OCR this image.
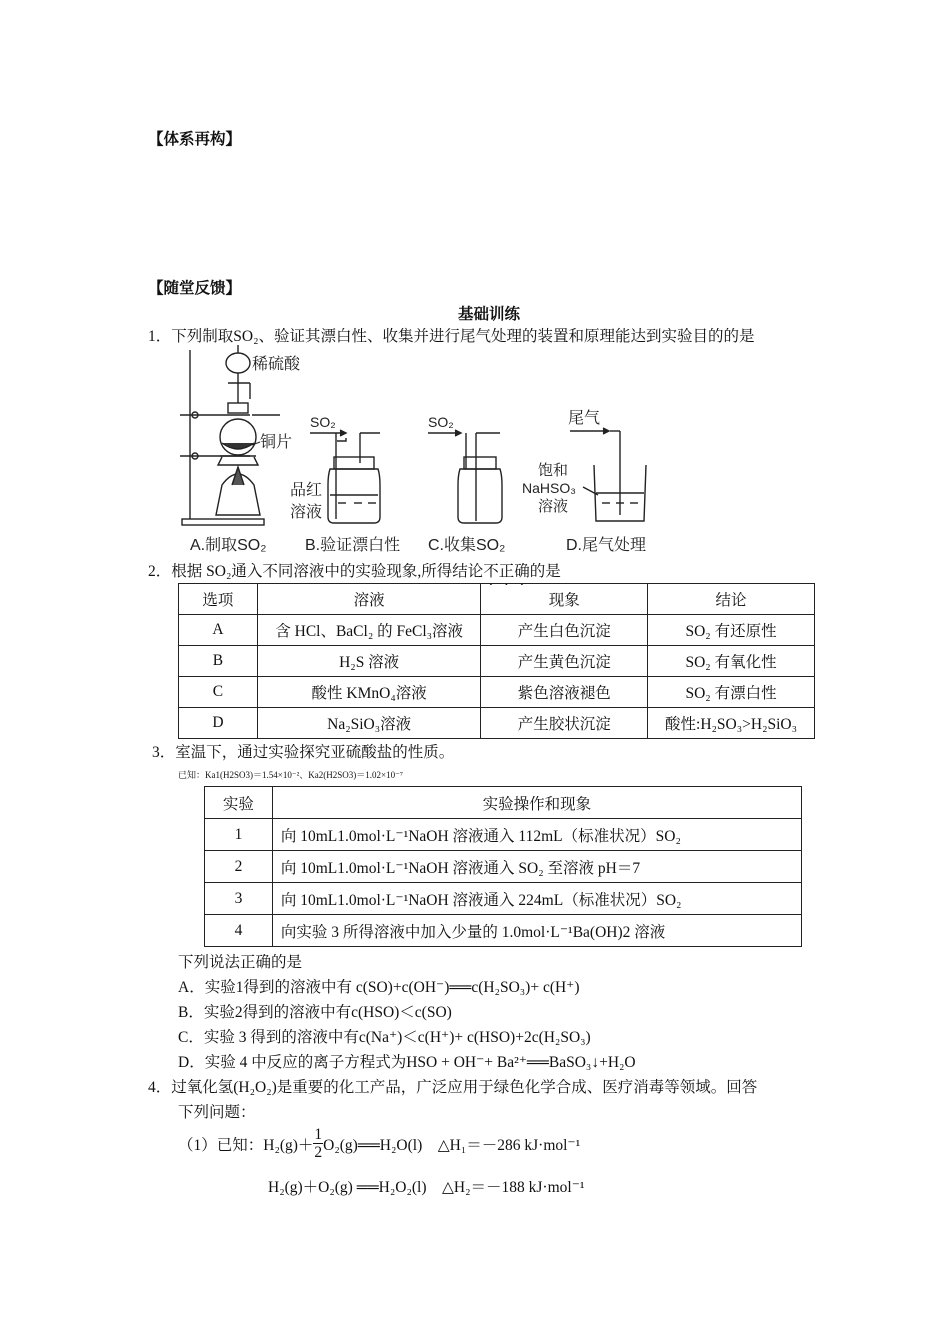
【体系再构】
【随堂反馈】
基础训练
1．下列制取SO₂、验证其漂白性、收集并进行尾气处理的装置和原理能达到实验目的的是
稀硫酸
铜片
SO₂
品红
溶液
SO₂	尾气
饱和
NaHSO₃
溶液
A.制取SO₂ B.验证漂白性 C.收集SO₂	D.尾气处理
2．根据 SO₂通入不同溶液中的实验现象,所得结论不正确的是
选项	溶液	现象	结论
A	含 HCl、BaCl₂ 的 FeCl₃溶液	产生白色沉淀	SO₂ 有还原性
B	H₂S 溶液	产生黄色沉淀	SO₂ 有氧化性
C	酸性 KMnO₄溶液	紫色溶液褪色	SO₂ 有漂白性
D	Na₂SiO₃溶液	产生胶状沉淀	酸性:H₂SO₃>H₂SiO₃
3．室温下，通过实验探究亚硫酸盐的性质。
已知：Ka1(H2SO3)＝1.54×10⁻²、Ka2(H2SO3)＝1.02×10⁻⁷
实验	实验操作和现象
1	向 10mL1.0mol·L⁻¹NaOH 溶液通入 112mL（标准状况）SO₂
2	向 10mL1.0mol·L⁻¹NaOH 溶液通入 SO₂ 至溶液 pH＝7
3	向 10mL1.0mol·L⁻¹NaOH 溶液通入 224mL（标准状况）SO₂
4	向实验 3 所得溶液中加入少量的 1.0mol·L⁻¹Ba(OH)2 溶液
下列说法正确的是
A．实验1得到的溶液中有 c(SO)+c(OH⁻)══c(H₂SO₃)+ c(H⁺)
B．实验2得到的溶液中有c(HSO)＜c(SO)
C．实验 3 得到的溶液中有c(Na⁺)＜c(H⁺)+ c(HSO)+2c(H₂SO₃)
D．实验 4 中反应的离子方程式为HSO + OH⁻+ Ba²⁺══BaSO₃↓+H₂O
4．过氧化氢(H₂O₂)是重要的化工产品，广泛应用于绿色化学合成、医疗消毒等领域。回答
下列问题：
（1）已知：$H_2(g)+ \frac{1}{2}$ O₂(g)══H₂O(l)　△H₁＝－286 kJ·mol⁻¹
H₂(g)＋O₂(g) ══H₂O₂(l)　△H₂＝－188 kJ·mol⁻¹
